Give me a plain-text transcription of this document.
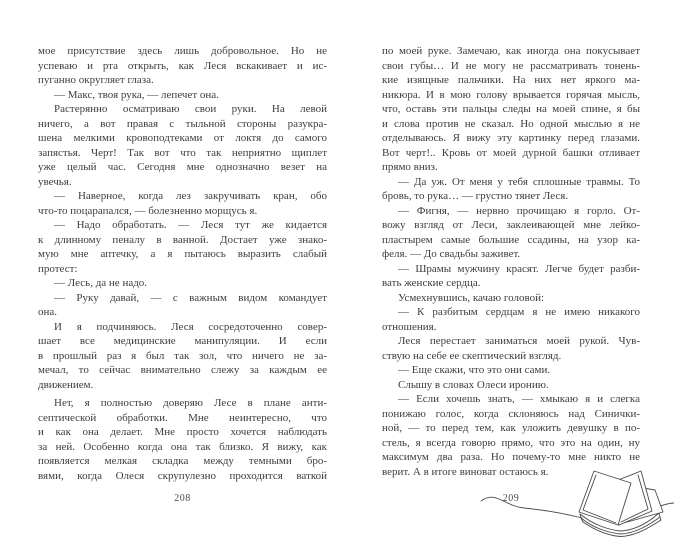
мое присутствие здесь лишь добровольное. Но не
успеваю и рта открыть, как Леся вскакивает и ис-
пуганно округляет глаза.
— Макс, твоя рука, — лепечет она.
Растерянно осматриваю свои руки. На левой
ничего, а вот правая с тыльной стороны разукра-
шена мелкими кровоподтеками от локтя до самого
запястья. Черт! Так вот что так неприятно щиплет
уже целый час. Сегодня мне однозначно везет на
увечья.
— Наверное, когда лез закручивать кран, обо
что-то поцарапался, — болезненно морщусь я.
— Надо обработать. — Леся тут же кидается
к длинному пеналу в ванной. Достает уже знако-
мую мне аптечку, а я пытаюсь выразить слабый
протест:
— Лесь, да не надо.
— Руку давай, — с важным видом командует
она.
И я подчиняюсь. Леся сосредоточенно совер-
шает все медицинские манипуляции. И если
в прошлый раз я был так зол, что ничего не за-
мечал, то сейчас внимательно слежу за каждым ее
движением.
Нет, я полностью доверяю Лесе в плане анти-
септической обработки. Мне неинтересно, что
и как она делает. Мне просто хочется наблюдать
за ней. Особенно когда она так близко. Я вижу, как
появляется мелкая складка между темными бро-
вями, когда Олеся скрупулезно проходится ваткой
по моей руке. Замечаю, как иногда она покусывает
свои губы… И не могу не рассматривать тонень-
кие изящные пальчики. На них нет яркого ма-
никюра. И в мою голову врывается горячая мысль,
что, оставь эти пальцы следы на моей спине, я бы
и слова против не сказал. Но одной мыслью я не
отделываюсь. Я вижу эту картинку перед глазами.
Вот черт!.. Кровь от моей дурной башки отливает
прямо вниз.
— Да уж. От меня у тебя сплошные травмы. То
бровь, то рука… — грустно тянет Леся.
— Фигня, — нервно прочищаю я горло. От-
вожу взгляд от Леси, заклеивающей мне лейко-
пластырем самые большие ссадины, на узор ка-
феля. — До свадьбы заживет.
— Шрамы мужчину красят. Легче будет разби-
вать женские сердца.
Усмехнувшись, качаю головой:
— К разбитым сердцам я не имею никакого
отношения.
Леся перестает заниматься моей рукой. Чув-
ствую на себе ее скептический взгляд.
— Еще скажи, что это они сами.
Слышу в словах Олеси иронию.
— Если хочешь знать, — хмыкаю я и слегка
понижаю голос, когда склоняюсь над Синички-
ной, — то перед тем, как уложить девушку в по-
стель, я всегда говорю прямо, что это на один, ну
максимум два раза. Но почему-то мне никто не
верит. А в итоге виноват остаюсь я.
208	209
